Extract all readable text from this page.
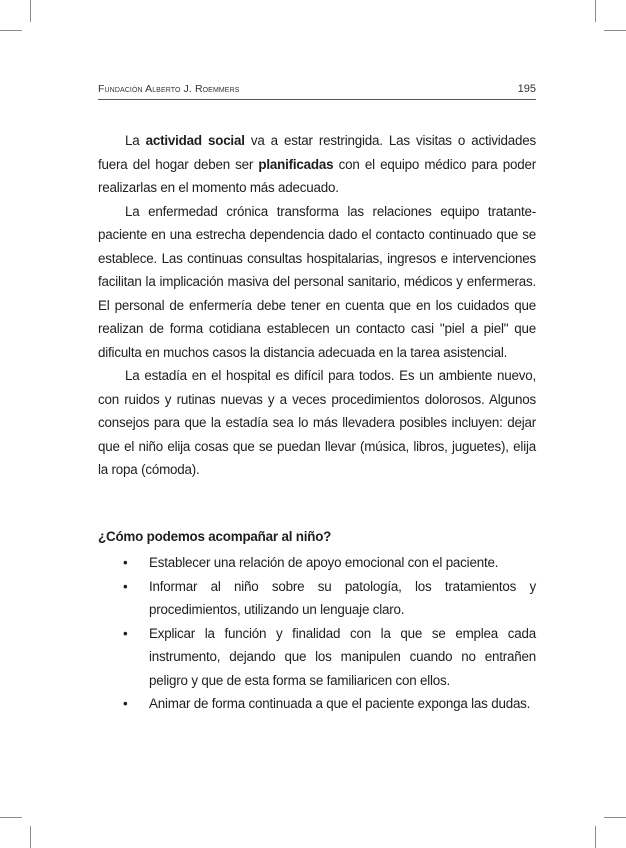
Fundación Alberto J. Roemmers	195

La actividad social va a estar restringida. Las visitas o actividades fuera del hogar deben ser planificadas con el equipo médico para poder realizarlas en el momento más adecuado.

La enfermedad crónica transforma las relaciones equipo tratante-paciente en una estrecha dependencia dado el contacto continuado que se establece. Las continuas consultas hospitalarias, ingresos e intervenciones facilitan la implicación masiva del personal sanitario, médicos y enfermeras. El personal de enfermería debe tener en cuenta que en los cuidados que realizan de forma cotidiana establecen un contacto casi "piel a piel" que dificulta en muchos casos la distancia adecuada en la tarea asistencial.

La estadía en el hospital es difícil para todos. Es un ambiente nuevo, con ruidos y rutinas nuevas y a veces procedimientos dolorosos. Algunos consejos para que la estadía sea lo más llevadera posibles incluyen: dejar que el niño elija cosas que se puedan llevar (música, libros, juguetes), elija la ropa (cómoda).

¿Cómo podemos acompañar al niño?
• Establecer una relación de apoyo emocional con el paciente.
• Informar al niño sobre su patología, los tratamientos y procedimientos, utilizando un lenguaje claro.
• Explicar la función y finalidad con la que se emplea cada instrumento, dejando que los manipulen cuando no entrañen peligro y que de esta forma se familiaricen con ellos.
• Animar de forma continuada a que el paciente exponga las dudas.
